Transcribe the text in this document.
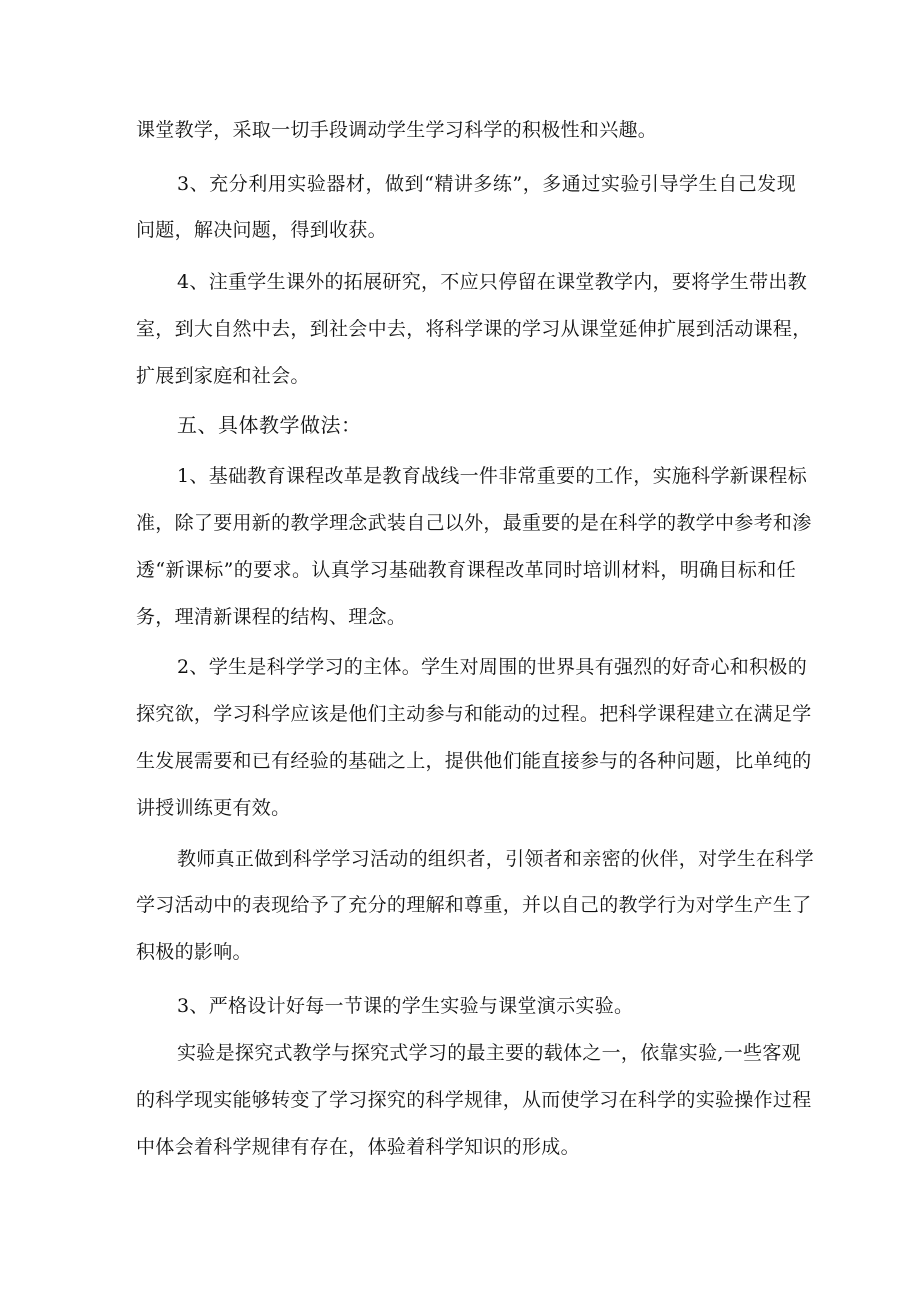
课堂教学，采取一切手段调动学生学习科学的积极性和兴趣。
3、充分利用实验器材，做到“精讲多练”，多通过实验引导学生自己发现
问题，解决问题，得到收获。
4、注重学生课外的拓展研究，不应只停留在课堂教学内，要将学生带出教
室，到大自然中去，到社会中去，将科学课的学习从课堂延伸扩展到活动课程，
扩展到家庭和社会。
五、具体教学做法：
1、基础教育课程改革是教育战线一件非常重要的工作，实施科学新课程标
准，除了要用新的教学理念武装自己以外，最重要的是在科学的教学中参考和渗
透“新课标”的要求。认真学习基础教育课程改革同时培训材料，明确目标和任
务，理清新课程的结构、理念。
2、学生是科学学习的主体。学生对周围的世界具有强烈的好奇心和积极的
探究欲，学习科学应该是他们主动参与和能动的过程。把科学课程建立在满足学
生发展需要和已有经验的基础之上，提供他们能直接参与的各种问题，比单纯的
讲授训练更有效。
教师真正做到科学学习活动的组织者，引领者和亲密的伙伴，对学生在科学
学习活动中的表现给予了充分的理解和尊重，并以自己的教学行为对学生产生了
积极的影响。
3、严格设计好每一节课的学生实验与课堂演示实验。
实验是探究式教学与探究式学习的最主要的载体之一，依靠实验,一些客观
的科学现实能够转变了学习探究的科学规律，从而使学习在科学的实验操作过程
中体会着科学规律有存在，体验着科学知识的形成。
